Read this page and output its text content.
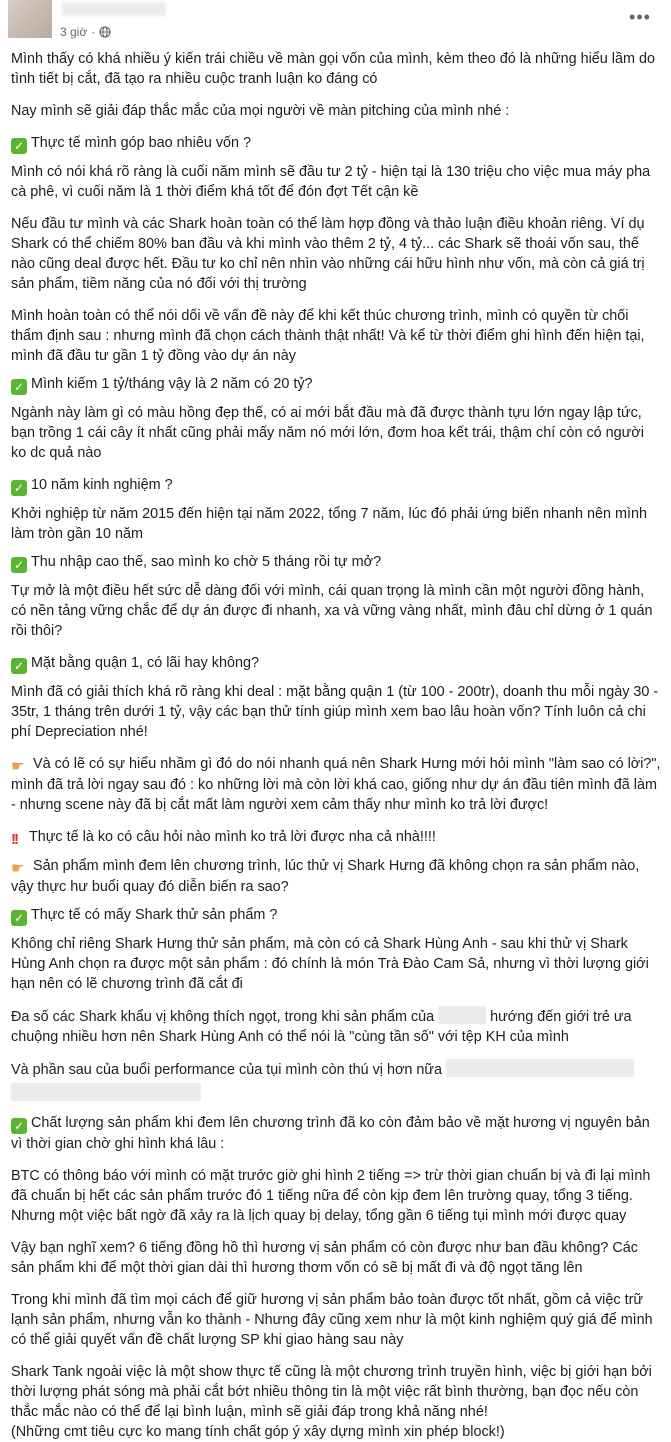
3 giờ ·
•••
Mình thấy có khá nhiều ý kiến trái chiều về màn gọi vốn của mình, kèm theo đó là những hiểu lầm do tình tiết bị cắt, đã tạo ra nhiều cuộc tranh luận ko đáng có
Nay mình sẽ giải đáp thắc mắc của mọi người về màn pitching của mình nhé :
✓ Thực tế mình góp bao nhiêu vốn ?
Mình có nói khá rõ ràng là cuối năm mình sẽ đầu tư 2 tỷ - hiện tại là 130 triệu cho việc mua máy pha cà phê, vì cuối năm là 1 thời điểm khá tốt để đón đợt Tết cận kề
Nếu đầu tư mình và các Shark hoàn toàn có thể làm hợp đồng và thảo luận điều khoản riêng. Ví dụ Shark có thể chiếm 80% ban đầu và khi mình vào thêm 2 tỷ, 4 tỷ... các Shark sẽ thoái vốn sau, thế nào cũng deal được hết. Đầu tư ko chỉ nên nhìn vào những cái hữu hình như vốn, mà còn cả giá trị sản phẩm, tiềm năng của nó đối với thị trường
Mình hoàn toàn có thể nói dối về vấn đề này để khi kết thúc chương trình, mình có quyền từ chối thẩm định sau : nhưng mình đã chọn cách thành thật nhất! Và kể từ thời điểm ghi hình đến hiện tại, mình đã đầu tư gần 1 tỷ đồng vào dự án này
✓ Mình kiếm 1 tỷ/tháng vậy là 2 năm có 20 tỷ?
Ngành này làm gì có màu hồng đẹp thế, có ai mới bắt đầu mà đã được thành tựu lớn ngay lập tức, bạn trồng 1 cái cây ít nhất cũng phải mấy năm nó mới lớn, đơm hoa kết trái, thậm chí còn có người ko dc quả nào
✓ 10 năm kinh nghiệm ?
Khởi nghiệp từ năm 2015 đến hiện tại năm 2022, tổng 7 năm, lúc đó phải ứng biến nhanh nên mình làm tròn gần 10 năm
✓ Thu nhập cao thế, sao mình ko chờ 5 tháng rồi tự mở?
Tự mở là một điều hết sức dễ dàng đối với mình, cái quan trọng là mình cần một người đồng hành, có nền tảng vững chắc để dự án được đi nhanh, xa và vững vàng nhất, mình đâu chỉ dừng ở 1 quán rồi thôi?
✓ Mặt bằng quận 1, có lãi hay không?
Mình đã có giải thích khá rõ ràng khi deal : mặt bằng quận 1 (từ 100 - 200tr), doanh thu mỗi ngày 30 - 35tr, 1 tháng trên dưới 1 tỷ, vậy các bạn thử tính giúp mình xem bao lâu hoàn vốn? Tính luôn cả chi phí Depreciation nhé!
☛ Và có lẽ có sự hiểu nhầm gì đó do nói nhanh quá nên Shark Hưng mới hỏi mình "làm sao có lời?", mình đã trả lời ngay sau đó : ko những lời mà còn lời khá cao, giống như dự án đầu tiên mình đã làm - nhưng scene này đã bị cắt mất làm người xem cảm thấy như mình ko trả lời được!
!! Thực tế là ko có câu hỏi nào mình ko trả lời được nha cả nhà!!!!
☛ Sản phẩm mình đem lên chương trình, lúc thử vị Shark Hưng đã không chọn ra sản phẩm nào, vậy thực hư buổi quay đó diễn biến ra sao?
✓ Thực tế có mấy Shark thử sản phẩm ?
Không chỉ riêng Shark Hưng thử sản phẩm, mà còn có cả Shark Hùng Anh - sau khi thử vị Shark Hùng Anh chọn ra được một sản phẩm : đó chính là món Trà Đào Cam Sả, nhưng vì thời lượng giới hạn nên có lẽ chương trình đã cắt đi
Đa số các Shark khẩu vị không thích ngọt, trong khi sản phẩm của	hướng đến giới trẻ ưa chuộng nhiều hơn nên Shark Hùng Anh có thể nói là "cùng tần số" với tệp KH của mình
Và phần sau của buổi performance của tụi mình còn thú vị hơn nữa
✓ Chất lượng sản phẩm khi đem lên chương trình đã ko còn đảm bảo về mặt hương vị nguyên bản vì thời gian chờ ghi hình khá lâu :
BTC có thông báo với mình có mặt trước giờ ghi hình 2 tiếng => trừ thời gian chuẩn bị và đi lại mình đã chuẩn bị hết các sản phẩm trước đó 1 tiếng nữa để còn kịp đem lên trường quay, tổng 3 tiếng. Nhưng một việc bất ngờ đã xảy ra là lịch quay bị delay, tổng gần 6 tiếng tụi mình mới được quay
Vậy bạn nghĩ xem? 6 tiếng đồng hồ thì hương vị sản phẩm có còn được như ban đầu không? Các sản phẩm khi để một thời gian dài thì hương thơm vốn có sẽ bị mất đi và độ ngọt tăng lên
Trong khi mình đã tìm mọi cách để giữ hương vị sản phẩm bảo toàn được tốt nhất, gồm cả việc trữ lạnh sản phẩm, nhưng vẫn ko thành - Nhưng đây cũng xem như là một kinh nghiệm quý giá để mình có thể giải quyết vấn đề chất lượng SP khi giao hàng sau này
Shark Tank ngoài việc là một show thực tế cũng là một chương trình truyền hình, việc bị giới hạn bởi thời lượng phát sóng mà phải cắt bớt nhiều thông tin là một việc rất bình thường, bạn đọc nếu còn thắc mắc nào có thể để lại bình luận, mình sẽ giải đáp trong khả năng nhé!
(Những cmt tiêu cực ko mang tính chất góp ý xây dựng mình xin phép block!)
